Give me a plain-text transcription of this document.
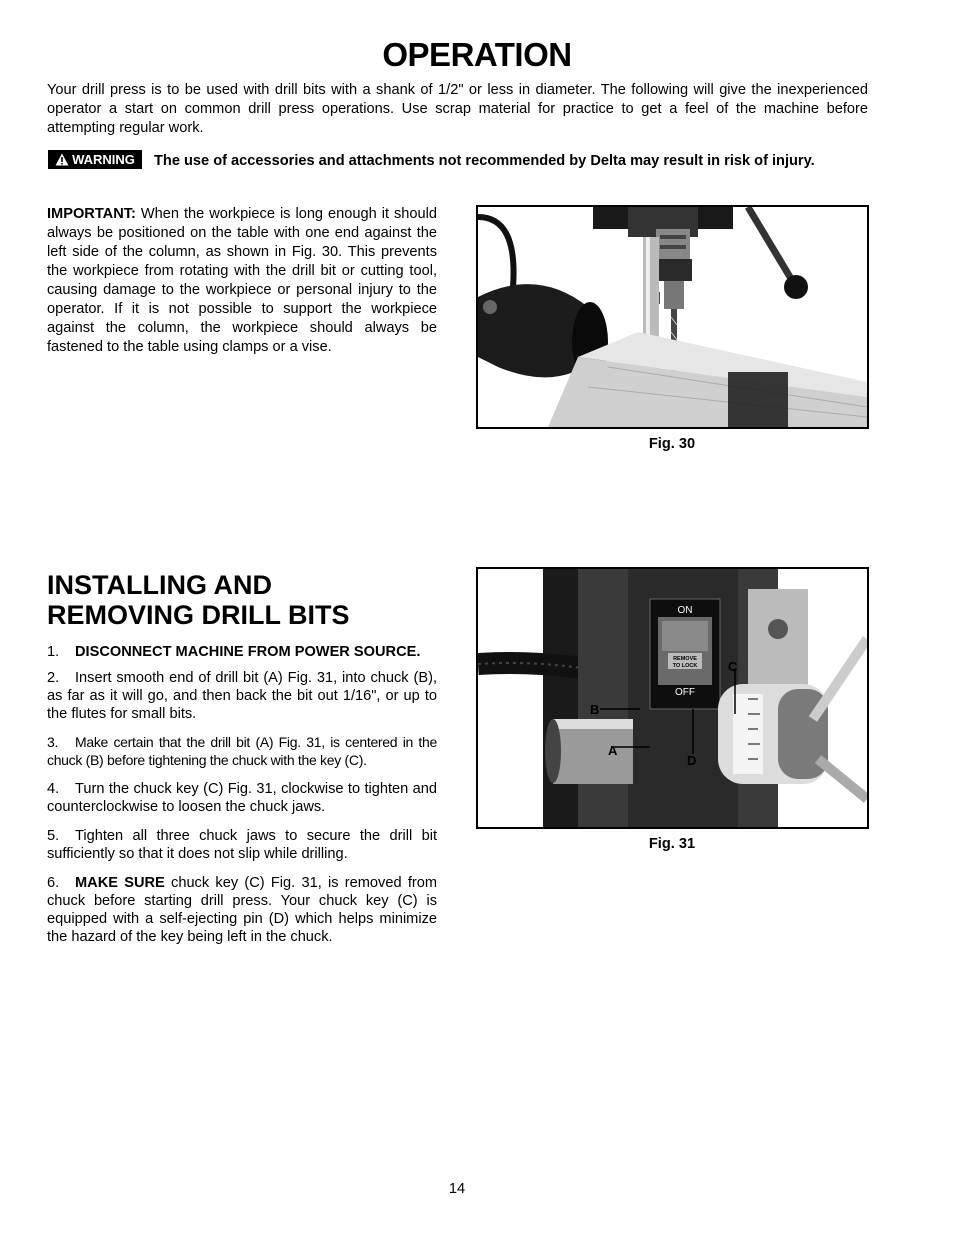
OPERATION

Your drill press is to be used with drill bits with a shank of 1/2" or less in diameter. The following will give the inexperienced operator a start on common drill press operations. Use scrap material for practice to get a feel of the machine before attempting regular work.

WARNING The use of accessories and attachments not recommended by Delta may result in risk of injury.

IMPORTANT: When the workpiece is long enough it should always be positioned on the table with one end against the left side of the column, as shown in Fig. 30. This prevents the workpiece from rotating with the drill bit or cutting tool, causing damage to the workpiece or personal injury to the operator. If it is not possible to support the workpiece against the column, the workpiece should always be fastened to the table using clamps or a vise.

Fig. 30

INSTALLING AND
REMOVING DRILL BITS

1. DISCONNECT MACHINE FROM POWER SOURCE.

2. Insert smooth end of drill bit (A) Fig. 31, into chuck (B), as far as it will go, and then back the bit out 1/16", or up to the flutes for small bits.

3. Make certain that the drill bit (A) Fig. 31, is centered in the chuck (B) before tightening the chuck with the key (C).

4. Turn the chuck key (C) Fig. 31, clockwise to tighten and counterclockwise to loosen the chuck jaws.

5. Tighten all three chuck jaws to secure the drill bit sufficiently so that it does not slip while drilling.

6. MAKE SURE chuck key (C) Fig. 31, is removed from chuck before starting drill press. Your chuck key (C) is equipped with a self-ejecting pin (D) which helps minimize the hazard of the key being left in the chuck.

ON
REMOVE
TO LOCK
OFF
B
A
C
D

Fig. 31

14
